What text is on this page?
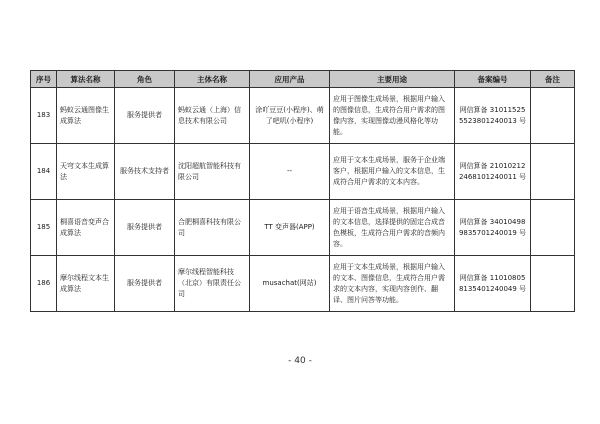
序号	算法名称	角色	主体名称	应用产品	主要用途	备案编号	备注
183	蚂蚁云通图像生成算法	服务提供者	蚂蚁云通（上海）信息技术有限公司	涂吖豆豆(小程序)、萌了吧叽(小程序)	应用于图像生成场景，根据用户输入的图像信息，生成符合用户需求的图像内容，实现图像动漫风格化等功能。	网信算备 310115255523801240013 号	
184	天穹文本生成算法	服务技术支持者	沈阳超航智能科技有限公司	--	应用于文本生成场景，服务于企业端客户，根据用户输入的文本信息，生成符合用户需求的文本内容。	网信算备 210102122468101240011 号	
185	桐喜语音变声合成算法	服务提供者	合肥桐喜科技有限公司	TT 变声器(APP)	应用于语音生成场景，根据用户输入的文本信息，选择提供的固定合成音色模板，生成符合用户需求的音频内容。	网信算备 340104989835701240019 号	
186	摩尔线程文本生成算法	服务提供者	摩尔线程智能科技（北京）有限责任公司	musachat(网站)	应用于文本生成场景，根据用户输入的文本、图像信息，生成符合用户需求的文本内容，实现内容创作、翻译、图片问答等功能。	网信算备 110108058135401240049 号	
- 40 -
